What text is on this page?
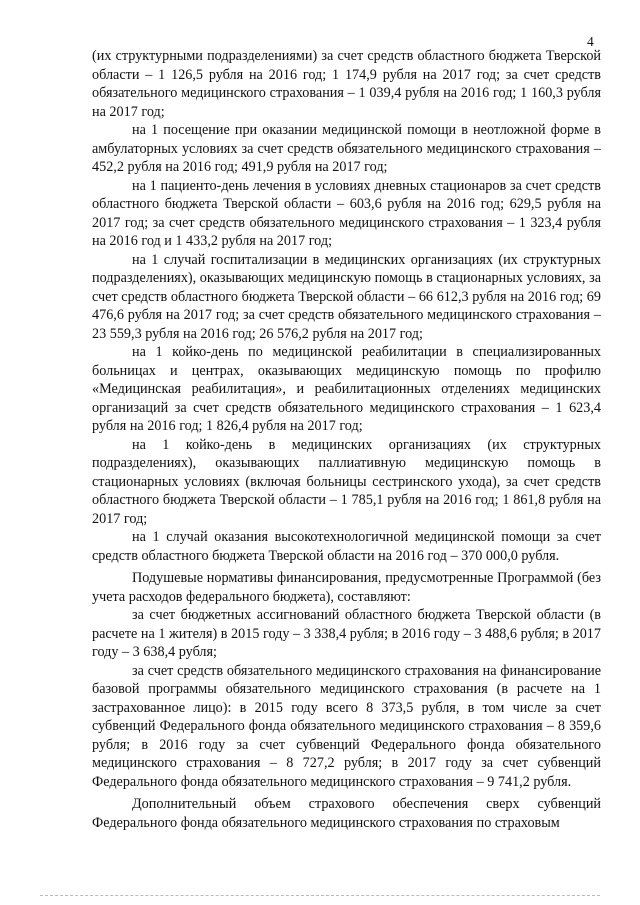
4

(их структурными подразделениями) за счет средств областного бюджета Тверской области – 1 126,5 рубля на 2016 год; 1 174,9 рубля на 2017 год; за счет средств обязательного медицинского страхования – 1 039,4 рубля на 2016 год; 1 160,3 рубля на 2017 год;

на 1 посещение при оказании медицинской помощи в неотложной форме в амбулаторных условиях за счет средств обязательного медицинского страхования – 452,2 рубля на 2016 год; 491,9 рубля на 2017 год;

на 1 пациенто-день лечения в условиях дневных стационаров за счет средств областного бюджета Тверской области – 603,6 рубля на 2016 год; 629,5 рубля на 2017 год; за счет средств обязательного медицинского страхования – 1 323,4 рубля на 2016 год и 1 433,2 рубля на 2017 год;

на 1 случай госпитализации в медицинских организациях (их структурных подразделениях), оказывающих медицинскую помощь в стационарных условиях, за счет средств областного бюджета Тверской области – 66 612,3 рубля на 2016 год; 69 476,6 рубля на 2017 год; за счет средств обязательного медицинского страхования – 23 559,3 рубля на 2016 год; 26 576,2 рубля на 2017 год;

на 1 койко-день по медицинской реабилитации в специализированных больницах и центрах, оказывающих медицинскую помощь по профилю «Медицинская реабилитация», и реабилитационных отделениях медицинских организаций за счет средств обязательного медицинского страхования – 1 623,4 рубля на 2016 год; 1 826,4 рубля на 2017 год;

на 1 койко-день в медицинских организациях (их структурных подразделениях), оказывающих паллиативную медицинскую помощь в стационарных условиях (включая больницы сестринского ухода), за счет средств областного бюджета Тверской области – 1 785,1 рубля на 2016 год; 1 861,8 рубля на 2017 год;

на 1 случай оказания высокотехнологичной медицинской помощи за счет средств областного бюджета Тверской области на 2016 год – 370 000,0 рубля.

Подушевые нормативы финансирования, предусмотренные Программой (без учета расходов федерального бюджета), составляют:

за счет бюджетных ассигнований областного бюджета Тверской области (в расчете на 1 жителя) в 2015 году – 3 338,4 рубля; в 2016 году – 3 488,6 рубля; в 2017 году – 3 638,4 рубля;

за счет средств обязательного медицинского страхования на финансирование базовой программы обязательного медицинского страхования (в расчете на 1 застрахованное лицо): в 2015 году всего 8 373,5 рубля, в том числе за счет субвенций Федерального фонда обязательного медицинского страхования – 8 359,6 рубля; в 2016 году за счет субвенций Федерального фонда обязательного медицинского страхования – 8 727,2 рубля; в 2017 году за счет субвенций Федерального фонда обязательного медицинского страхования – 9 741,2 рубля.

Дополнительный объем страхового обеспечения сверх субвенций Федерального фонда обязательного медицинского страхования по страховым
